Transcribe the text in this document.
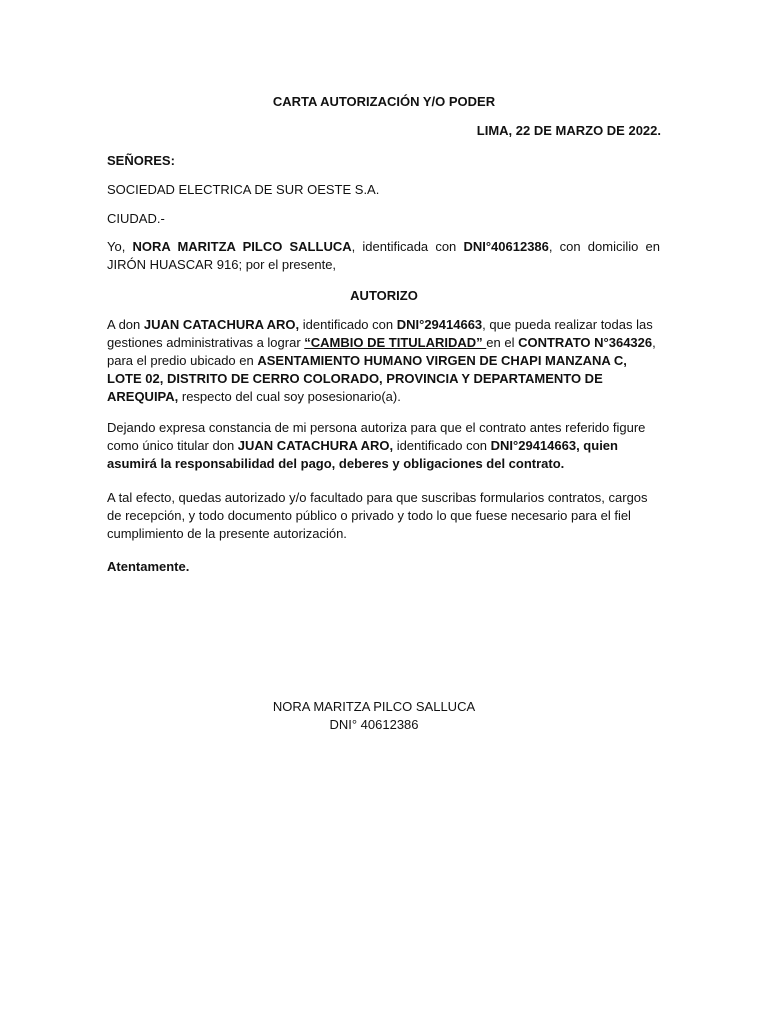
CARTA AUTORIZACIÓN Y/O PODER

LIMA, 22 DE MARZO DE 2022.

SEÑORES:

SOCIEDAD ELECTRICA DE SUR OESTE S.A.

CIUDAD.-

Yo, NORA MARITZA PILCO SALLUCA, identificada con DNI°40612386, con domicilio en JIRÓN HUASCAR 916; por el presente,

AUTORIZO

A don JUAN CATACHURA ARO, identificado con DNI°29414663, que pueda realizar todas las gestiones administrativas a lograr “CAMBIO DE TITULARIDAD” en el CONTRATO N°364326, para el predio ubicado en ASENTAMIENTO HUMANO VIRGEN DE CHAPI MANZANA C, LOTE 02, DISTRITO DE CERRO COLORADO, PROVINCIA Y DEPARTAMENTO DE AREQUIPA, respecto del cual soy posesionario(a).

Dejando expresa constancia de mi persona autoriza para que el contrato antes referido figure como único titular don JUAN CATACHURA ARO, identificado con DNI°29414663, quien asumirá la responsabilidad del pago, deberes y obligaciones del contrato.

A tal efecto, quedas autorizado y/o facultado para que suscribas formularios contratos, cargos de recepción, y todo documento público o privado y todo lo que fuese necesario para el fiel cumplimiento de la presente autorización.

Atentamente.

NORA MARITZA PILCO SALLUCA

DNI° 40612386
